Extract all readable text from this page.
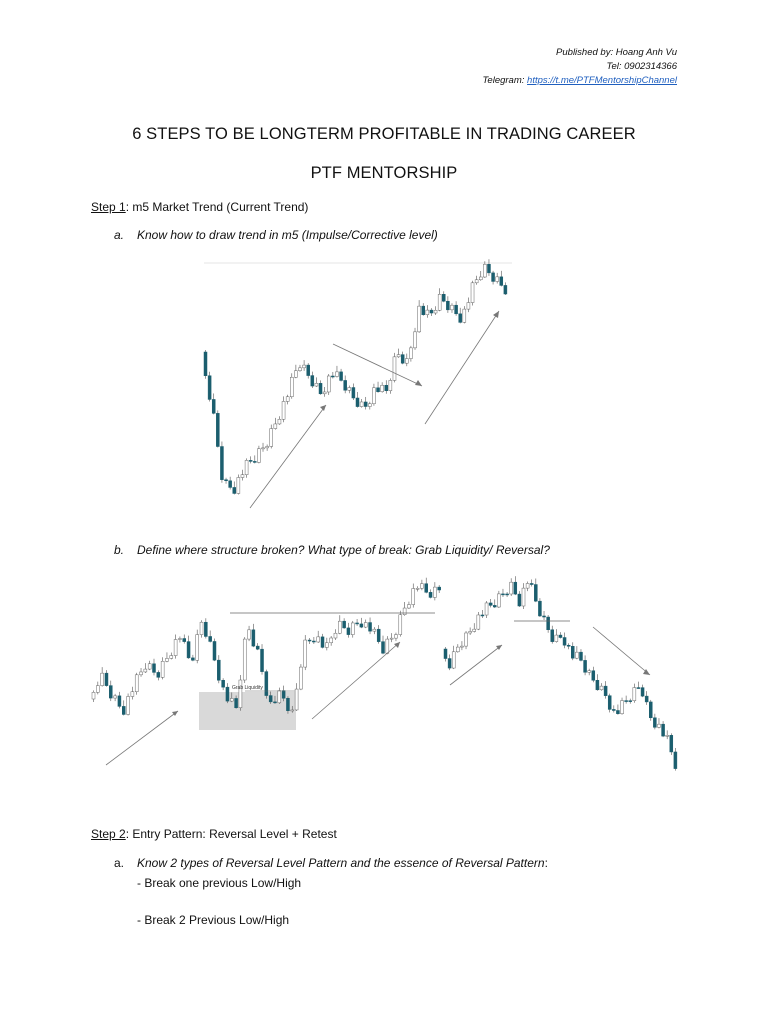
Published by: Hoang Anh Vu
Tel: 0902314366
Telegram: https://t.me/PTFMentorshipChannel
6 STEPS TO BE LONGTERM PROFITABLE IN TRADING CAREER
PTF MENTORSHIP
Step 1: m5 Market Trend (Current Trend)
a. Know how to draw trend in m5 (Impulse/Corrective level)
b. Define where structure broken? What type of break: Grab Liquidity/ Reversal?
Grab Liquidity
Step 2: Entry Pattern: Reversal Level + Retest
a. Know 2 types of Reversal Level Pattern and the essence of Reversal Pattern:
- Break one previous Low/High
- Break 2 Previous Low/High
